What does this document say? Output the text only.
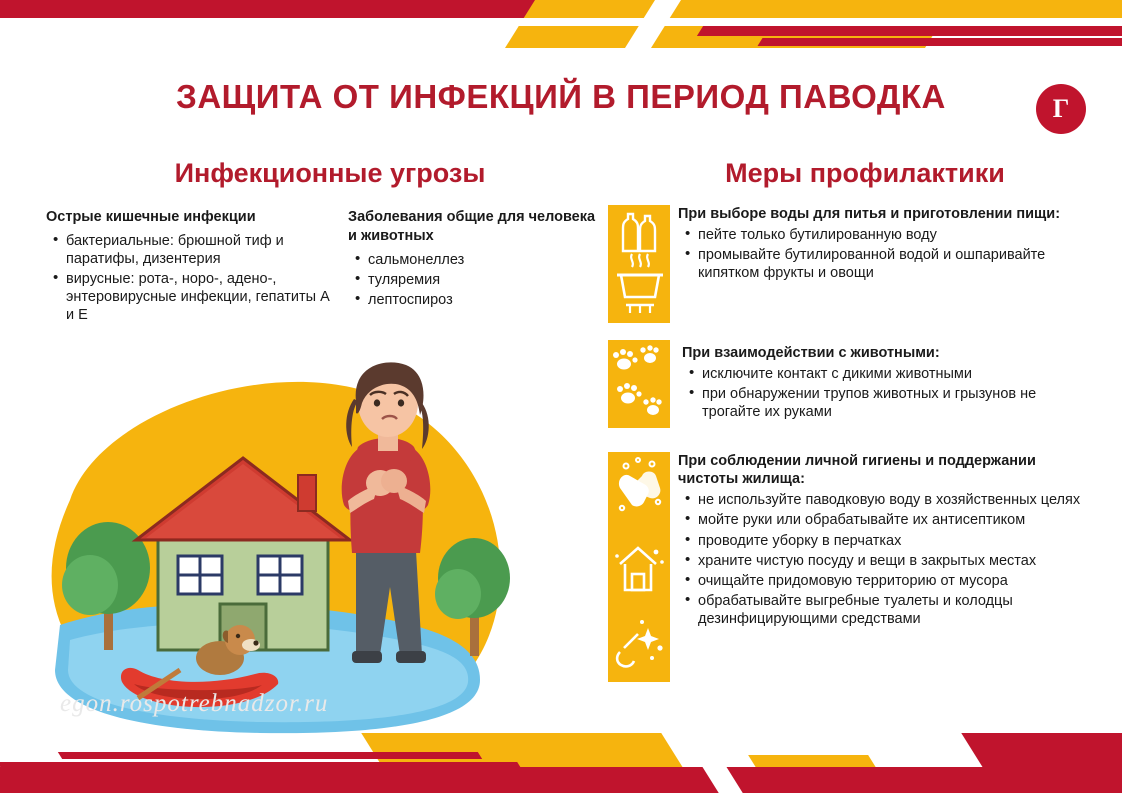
ЗАЩИТА ОТ ИНФЕКЦИЙ В ПЕРИОД ПАВОДКА	Г
Инфекционные угрозы
Острые кишечные инфекции
• бактериальные: брюшной тиф и паратифы, дизентерия
• вирусные: рота-, норо-, адено-, энтеровирусные инфекции, гепатиты А и Е
Заболевания общие для человека и животных
• сальмонеллез
• туляремия
• лептоспироз
egon.rospotrebnadzor.ru
Меры профилактики
При выборе воды для питья и приготовлении пищи:
• пейте только бутилированную воду
• промывайте бутилированной водой и ошпаривайте кипятком фрукты и овощи
При взаимодействии с животными:
• исключите контакт с дикими животными
• при обнаружении трупов животных и грызунов не трогайте их руками
При соблюдении личной гигиены и поддержании чистоты жилища:
• не используйте паводковую воду в хозяйственных целях
• мойте руки или обрабатывайте их антисептиком
• проводите уборку в перчатках
• храните чистую посуду и вещи в закрытых местах
• очищайте придомовую территорию от мусора
• обрабатывайте выгребные туалеты и колодцы дезинфицирующими средствами
